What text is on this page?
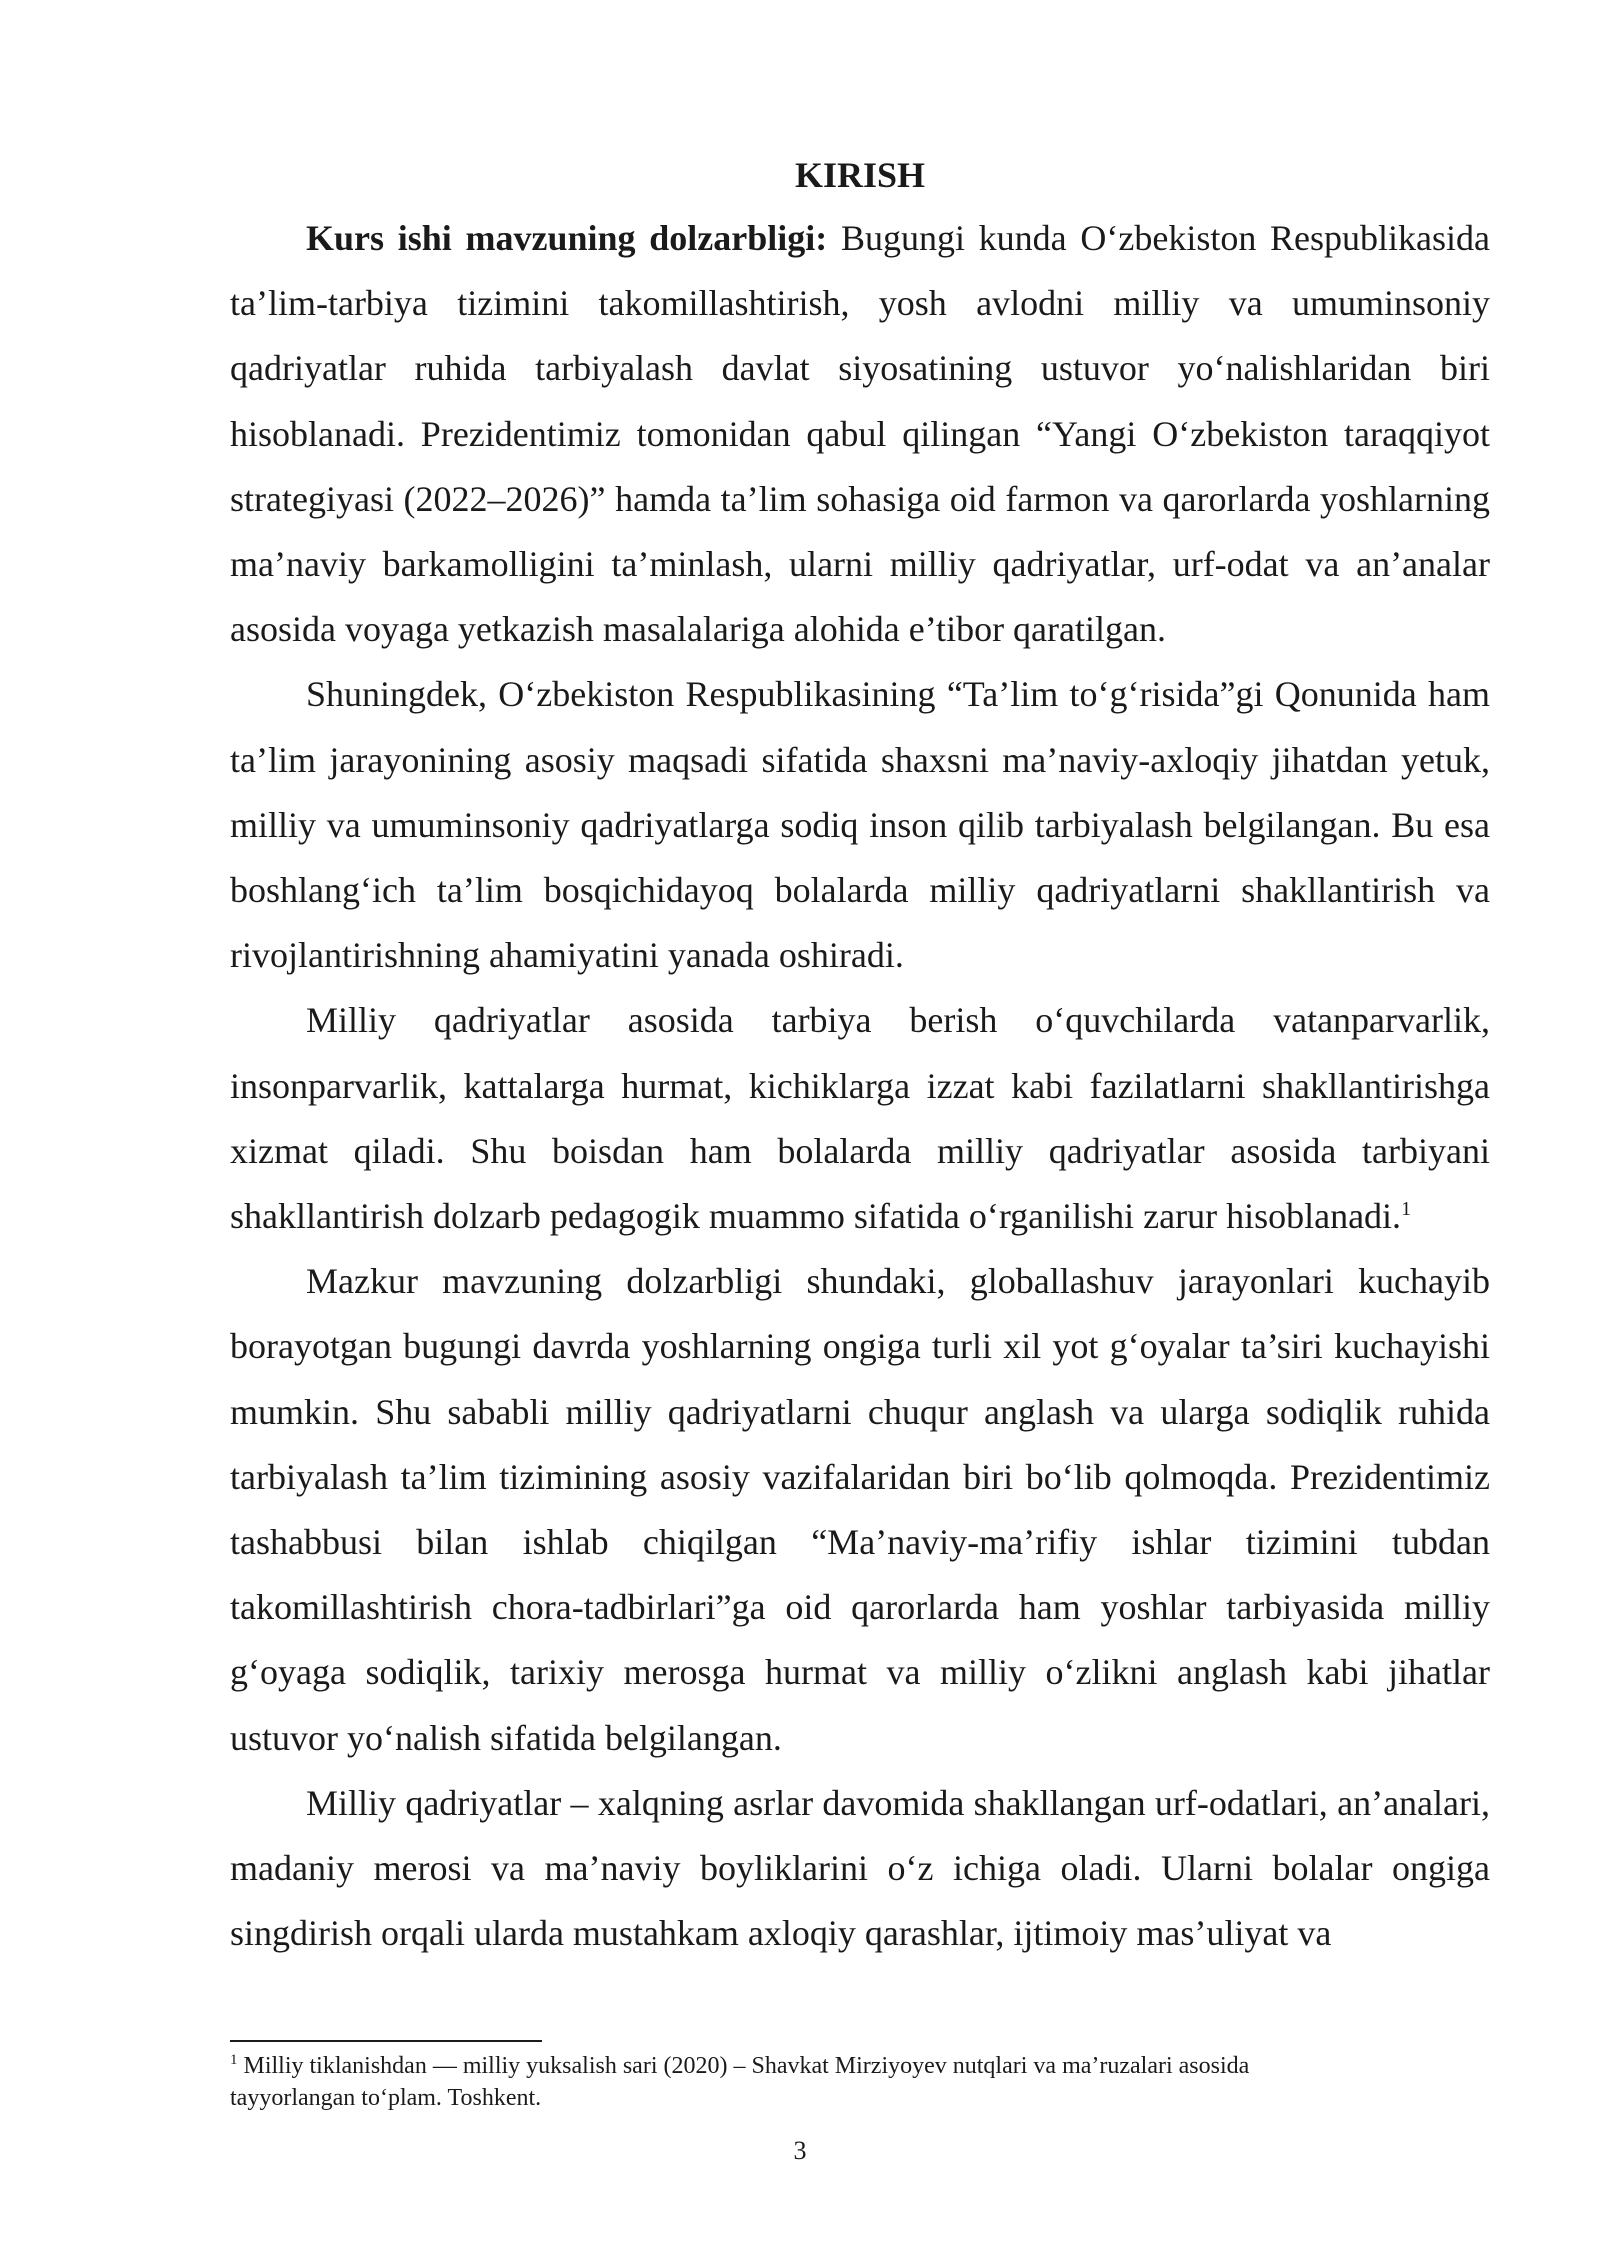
KIRISH

Kurs ishi mavzuning dolzarbligi: Bugungi kunda O‘zbekiston Respublikasida ta’lim-tarbiya tizimini takomillashtirish, yosh avlodni milliy va umuminsoniy qadriyatlar ruhida tarbiyalash davlat siyosatining ustuvor yo‘nalishlaridan biri hisoblanadi. Prezidentimiz tomonidan qabul qilingan “Yangi O‘zbekiston taraqqiyot strategiyasi (2022–2026)” hamda ta’lim sohasiga oid farmon va qarorlarda yoshlarning ma’naviy barkamolligini ta’minlash, ularni milliy qadriyatlar, urf-odat va an’analar asosida voyaga yetkazish masalalariga alohida e’tibor qaratilgan.

Shuningdek, O‘zbekiston Respublikasining “Ta’lim to‘g‘risida”gi Qonunida ham ta’lim jarayonining asosiy maqsadi sifatida shaxsni ma’naviy-axloqiy jihatdan yetuk, milliy va umuminsoniy qadriyatlarga sodiq inson qilib tarbiyalash belgilangan. Bu esa boshlang‘ich ta’lim bosqichidayoq bolalarda milliy qadriyatlarni shakllantirish va rivojlantirishning ahamiyatini yanada oshiradi.

Milliy qadriyatlar asosida tarbiya berish o‘quvchilarda vatanparvarlik, insonparvarlik, kattalarga hurmat, kichiklarga izzat kabi fazilatlarni shakllantirishga xizmat qiladi. Shu boisdan ham bolalarda milliy qadriyatlar asosida tarbiyani shakllantirish dolzarb pedagogik muammo sifatida o‘rganilishi zarur hisoblanadi.$^1$

Mazkur mavzuning dolzarbligi shundaki, globallashuv jarayonlari kuchayib borayotgan bugungi davrda yoshlarning ongiga turli xil yot g‘oyalar ta’siri kuchayishi mumkin. Shu sababli milliy qadriyatlarni chuqur anglash va ularga sodiqlik ruhida tarbiyalash ta’lim tizimining asosiy vazifalaridan biri bo‘lib qolmoqda. Prezidentimiz tashabbusi bilan ishlab chiqilgan “Ma’naviy-ma’rifiy ishlar tizimini tubdan takomillashtirish chora-tadbirlari”ga oid qarorlarda ham yoshlar tarbiyasida milliy g‘oyaga sodiqlik, tarixiy merosga hurmat va milliy o‘zlikni anglash kabi jihatlar ustuvor yo‘nalish sifatida belgilangan.

Milliy qadriyatlar – xalqning asrlar davomida shakllangan urf-odatlari, an’analari, madaniy merosi va ma’naviy boyliklarini o‘z ichiga oladi. Ularni bolalar ongiga singdirish orqali ularda mustahkam axloqiy qarashlar, ijtimoiy mas’uliyat va

$^1$ Milliy tiklanishdan — milliy yuksalish sari (2020) – Shavkat Mirziyoyev nutqlari va ma’ruzalari asosida tayyorlangan to‘plam. Toshkent.

3
